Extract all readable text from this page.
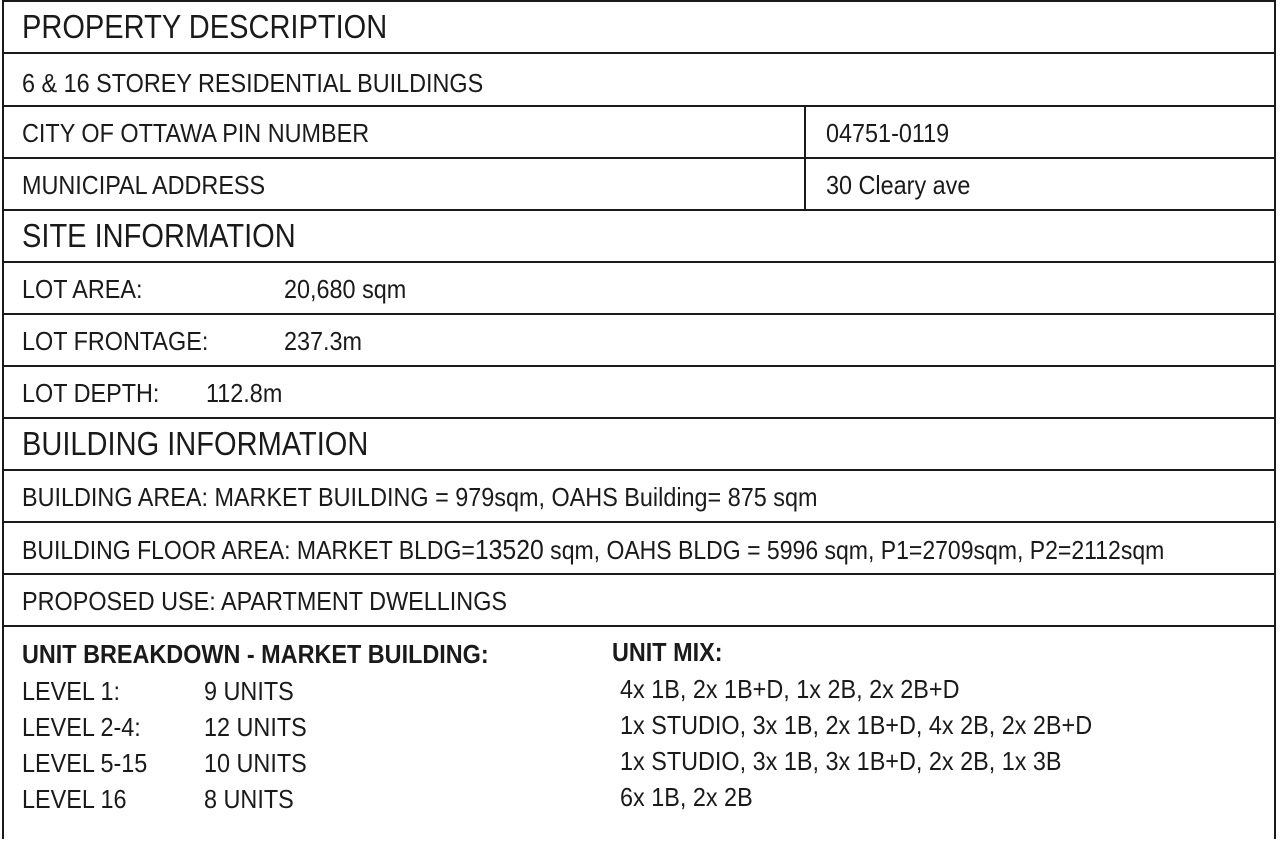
PROPERTY DESCRIPTION
6 & 16 STOREY RESIDENTIAL BUILDINGS
CITY OF OTTAWA PIN NUMBER	04751-0119
MUNICIPAL ADDRESS	30 Cleary ave
SITE INFORMATION
LOT AREA:	20,680 sqm
LOT FRONTAGE:	237.3m
LOT DEPTH: 112.8m
BUILDING INFORMATION
BUILDING AREA: MARKET BUILDING = 979sqm, OAHS Building= 875 sqm
BUILDING FLOOR AREA: MARKET BLDG=13520 sqm, OAHS BLDG = 5996 sqm, P1=2709sqm, P2=2112sqm
PROPOSED USE: APARTMENT DWELLINGS
UNIT BREAKDOWN - MARKET BUILDING:	UNIT MIX:
LEVEL 1:	9 UNITS	4x 1B, 2x 1B+D, 1x 2B, 2x 2B+D
LEVEL 2-4: 12 UNITS	1x STUDIO, 3x 1B, 2x 1B+D, 4x 2B, 2x 2B+D
LEVEL 5-15 10 UNITS	1x STUDIO, 3x 1B, 3x 1B+D, 2x 2B, 1x 3B
LEVEL 16	8 UNITS	6x 1B, 2x 2B
